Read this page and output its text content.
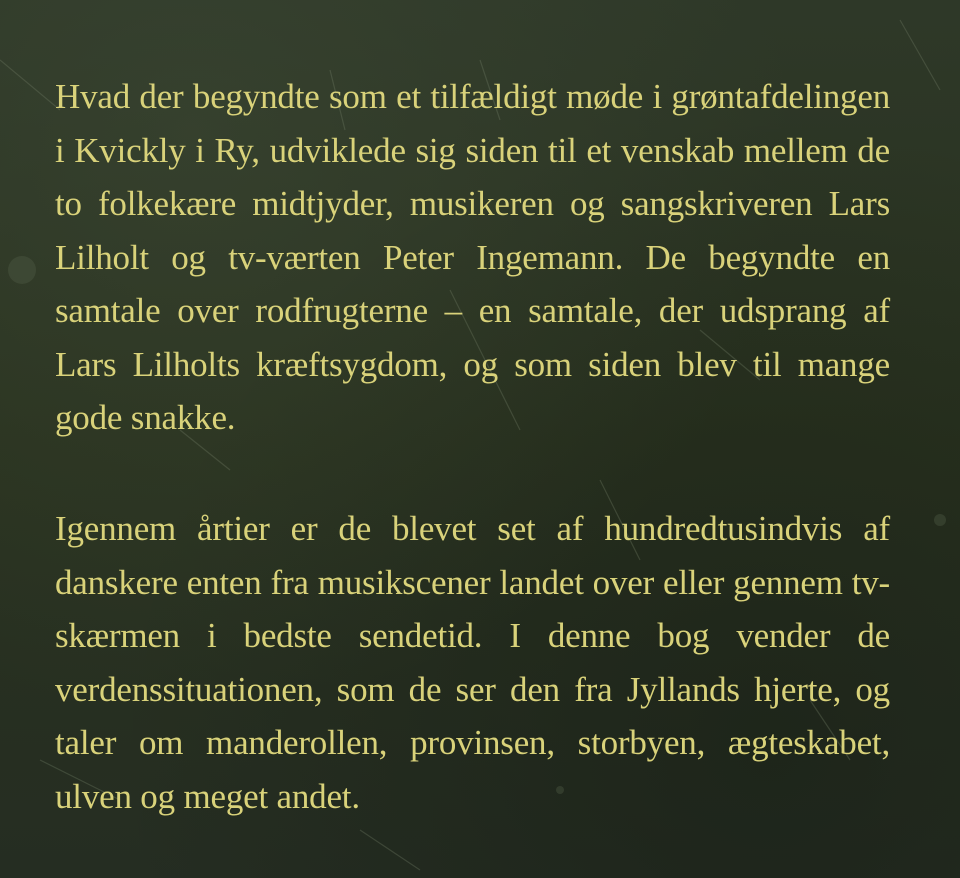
Hvad der begyndte som et tilfældigt møde i grøntafdelingen i Kvickly i Ry, udviklede sig siden til et venskab mellem de to folkekære midtjyder, musikeren og sangskriveren Lars Lilholt og tv-værten Peter Ingemann. De begyndte en samtale over rodfrugterne – en samtale, der udsprang af Lars Lilholts kræftsygdom, og som siden blev til mange gode snakke.

Igennem årtier er de blevet set af hundredtusindvis af danskere enten fra musikscener landet over eller gennem tv-skærmen i bedste sendetid. I denne bog vender de verdenssituationen, som de ser den fra Jyllands hjerte, og taler om manderollen, provinsen, storbyen, ægteskabet, ulven og meget andet.
